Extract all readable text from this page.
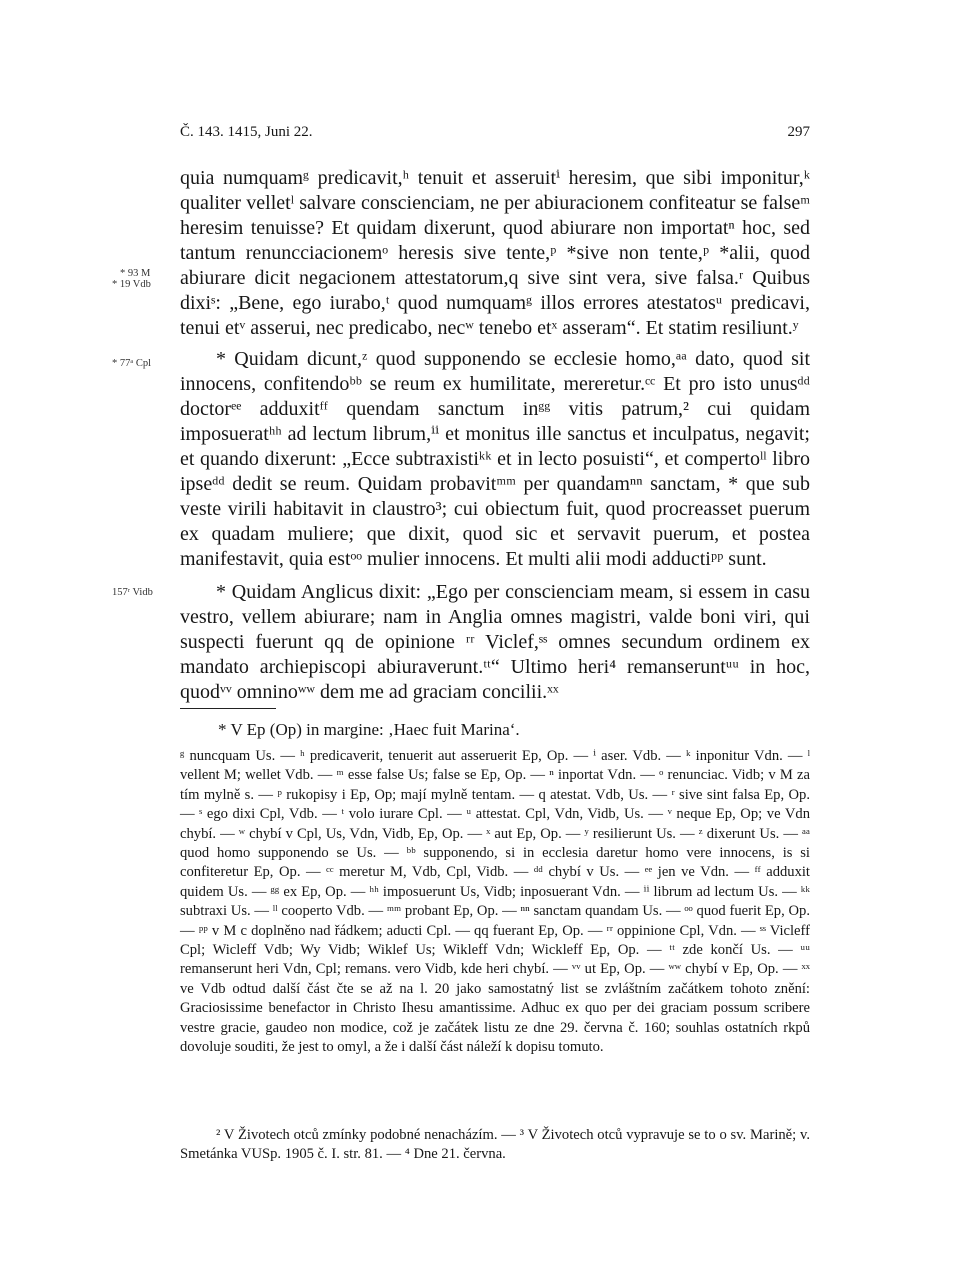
Č. 143. 1415, Juni 22.	297
* 93 M
* 19 Vdb
* 77ᵃ Cpl
157ʳ Vidb

quia numquamᵍ predicavit,ʰ tenuit et asseruitⁱ heresim, que sibi imponitur,ᵏ qualiter velletˡ salvare conscienciam, ne per abiuracionem confiteatur se falseᵐ heresim tenuisse? Et quidam dixerunt, quod abiurare non importatⁿ hoc, sed tantum renunccіacionemᵒ heresis sive tente,ᵖ *sive non tente,ᵖ *alii, quod abiurare dicit negacionem attestatorum,q sive sint vera, sive falsa.ʳ Quibus dixiˢ: „Bene, ego iurabo,ᵗ quod numquamᵍ illos errores atestatosᵘ predicavi, tenui etᵛ asserui, nec predicabo, necʷ tenebo etˣ asseram“. Et statim resiliunt.ʸ

* Quidam dicunt,ᶻ quod supponendo se ecclesie homo,ᵃᵃ dato, quod sit innocens, confitendoᵇᵇ se reum ex humilitate, mereretur.ᶜᶜ Et pro isto unusᵈᵈ doctorᵉᵉ adduxitᶠᶠ quendam sanctum inᵍᵍ vitis patrum,² cui quidam imposueratʰʰ ad lectum librum,ⁱⁱ et monitus ille sanctus et inculpatus, negavit; et quando dixerunt: „Ecce subtraxistiᵏᵏ et in lecto posuisti“, et compertoˡˡ libro ipseᵈᵈ dedit se reum. Quidam probavitᵐᵐ per quandamⁿⁿ sanctam, * que sub veste virili habitavit in claustro³; cui obiectum fuit, quod procreasset puerum ex quadam muliere; que dixit, quod sic et servavit puerum, et postea manifestavit, quia estᵒᵒ mulier innocens. Et multi alii modi adductiᵖᵖ sunt.

* Quidam Anglicus dixit: „Ego per conscienciam meam, si essem in casu vestro, vellem abiurare; nam in Anglia omnes magistri, valde boni viri, qui suspecti fuerunt qq de opinione ʳʳ Viclef,ˢˢ omnes secundum ordinem ex mandato archiepiscopi abiuraverunt.ᵗᵗ“ Ultimo heri⁴ remanseruntᵘᵘ in hoc, quodᵛᵛ omninoʷʷ dem me ad graciam concilii.ˣˣ

* V Ep (Op) in margine: ‚Haec fuit Marina‘.

ᵍ nuncquam Us. — ʰ predicaverit, tenuerit aut asseruerit Ep, Op. — ⁱ aser. Vdb. — ᵏ inponitur Vdn. — ˡ vellent M; wellet Vdb. — ᵐ esse false Us; false se Ep, Op. — ⁿ inportat Vdn. — ᵒ renunciac. Vidb; v M za tím mylně s. — ᵖ rukopisy i Ep, Op; mají mylně tentam. — q atestat. Vdb, Us. — ʳ sive sint falsa Ep, Op. — ˢ ego dixi Cpl, Vdb. — ᵗ volo iurare Cpl. — ᵘ attestat. Cpl, Vdn, Vidb, Us. — ᵛ neque Ep, Op; ve Vdn chybí. — ʷ chybí v Cpl, Us, Vdn, Vidb, Ep, Op. — ˣ aut Ep, Op. — ʸ resilierunt Us. — ᶻ dixerunt Us. — ᵃᵃ quod homo supponendo se Us. — ᵇᵇ supponendo, si in ecclesia daretur homo vere innocens, is si confiteretur Ep, Op. — ᶜᶜ meretur M, Vdb, Cpl, Vidb. — ᵈᵈ chybí v Us. — ᵉᵉ jen ve Vdn. — ᶠᶠ adduxit quidem Us. — ᵍᵍ ex Ep, Op. — ʰʰ imposuerunt Us, Vidb; inposuerant Vdn. — ⁱⁱ librum ad lectum Us. — ᵏᵏ subtraxi Us. — ˡˡ cooperto Vdb. — ᵐᵐ probant Ep, Op. — ⁿⁿ sanctam quandam Us. — ᵒᵒ quod fuerit Ep, Op. — ᵖᵖ v M c doplněno nad řádkem; aducti Cpl. — qq fuerant Ep, Op. — ʳʳ oppinione Cpl, Vdn. — ˢˢ Vicleff Cpl; Wicleff Vdb; Wy Vidb; Wiklef Us; Wikleff Vdn; Wickleff Ep, Op. — ᵗᵗ zde končí Us. — ᵘᵘ remanserunt heri Vdn, Cpl; remans. vero Vidb, kde heri chybí. — ᵛᵛ ut Ep, Op. — ʷʷ chybí v Ep, Op. — ˣˣ ve Vdb odtud další část čte se až na l. 20 jako samostatný list se zvláštním začátkem tohoto znění: Graciosissime benefactor in Christo Ihesu amantissime. Adhuc ex quo per dei graciam possum scribere vestre gracie, gaudeo non modice, což je začátek listu ze dne 29. června č. 160; souhlas ostatních rkpů dovoluje souditi, že jest to omyl, a že i další část náleží k dopisu tomuto.

² V Životech otců zmínky podobné nenacházím. — ³ V Životech otců vypravuje se to o sv. Marině; v. Smetánka VUSp. 1905 č. I. str. 81. — ⁴ Dne 21. června.
